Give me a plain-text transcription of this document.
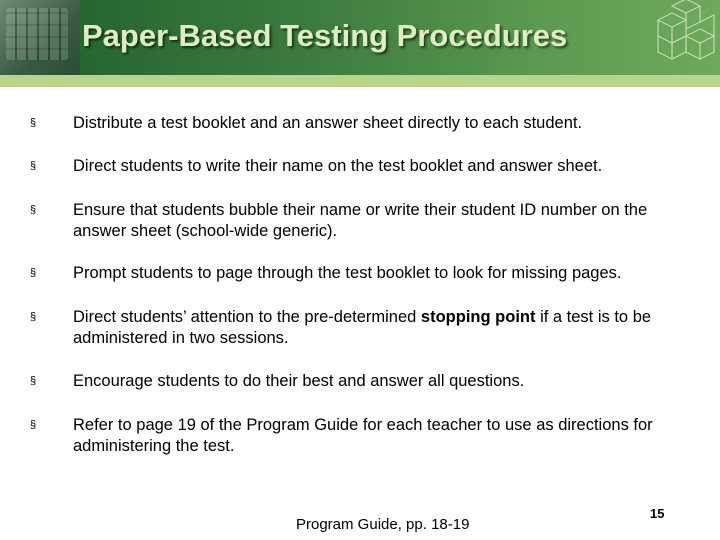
Paper-Based Testing Procedures
§ Distribute a test booklet and an answer sheet directly to each student.
§ Direct students to write their name on the test booklet and answer sheet.
§ Ensure that students bubble their name or write their student ID number on the answer sheet (school-wide generic).
§ Prompt students to page through the test booklet to look for missing pages.
§ Direct students’ attention to the pre-determined stopping point if a test is to be administered in two sessions.
§ Encourage students to do their best and answer all questions.
§ Refer to page 19 of the Program Guide for each teacher to use as directions for administering the test.
Program Guide, pp. 18-19
15
